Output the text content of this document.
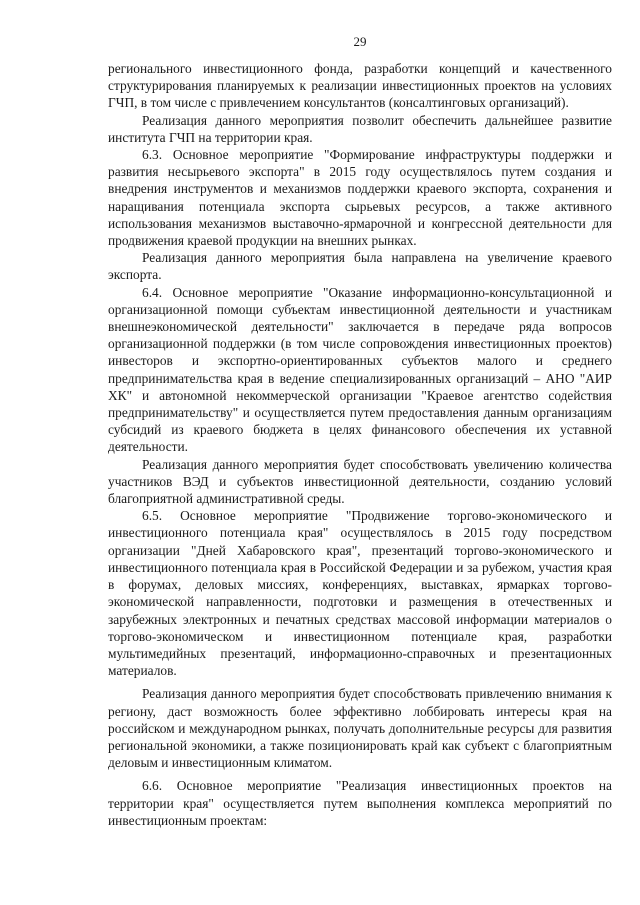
29

регионального инвестиционного фонда, разработки концепций и качественного структурирования планируемых к реализации инвестиционных проектов на условиях ГЧП, в том числе с привлечением консультантов (консалтинговых организаций).

Реализация данного мероприятия позволит обеспечить дальнейшее развитие института ГЧП на территории края.

6.3. Основное мероприятие "Формирование инфраструктуры поддержки и развития несырьевого экспорта" в 2015 году осуществлялось путем создания и внедрения инструментов и механизмов поддержки краевого экспорта, сохранения и наращивания потенциала экспорта сырьевых ресурсов, а также активного использования механизмов выставочно-ярмарочной и конгрессной деятельности для продвижения краевой продукции на внешних рынках.

Реализация данного мероприятия была направлена на увеличение краевого экспорта.

6.4. Основное мероприятие "Оказание информационно-консультационной и организационной помощи субъектам инвестиционной деятельности и участникам внешнеэкономической деятельности" заключается в передаче ряда вопросов организационной поддержки (в том числе сопровождения инвестиционных проектов) инвесторов и экспортно-ориентированных субъектов малого и среднего предпринимательства края в ведение специализированных организаций – АНО "АИР ХК" и автономной некоммерческой организации "Краевое агентство содействия предпринимательству" и осуществляется путем предоставления данным организациям субсидий из краевого бюджета в целях финансового обеспечения их уставной деятельности.

Реализация данного мероприятия будет способствовать увеличению количества участников ВЭД и субъектов инвестиционной деятельности, созданию условий благоприятной административной среды.

6.5. Основное мероприятие "Продвижение торгово-экономического и инвестиционного потенциала края" осуществлялось в 2015 году посредством организации "Дней Хабаровского края", презентаций торгово-экономического и инвестиционного потенциала края в Российской Федерации и за рубежом, участия края в форумах, деловых миссиях, конференциях, выставках, ярмарках торгово-экономической направленности, подготовки и размещения в отечественных и зарубежных электронных и печатных средствах массовой информации материалов о торгово-экономическом и инвестиционном потенциале края, разработки мультимедийных презентаций, информационно-справочных и презентационных материалов.

Реализация данного мероприятия будет способствовать привлечению внимания к региону, даст возможность более эффективно лоббировать интересы края на российском и международном рынках, получать дополнительные ресурсы для развития региональной экономики, а также позиционировать край как субъект с благоприятным деловым и инвестиционным климатом.

6.6. Основное мероприятие "Реализация инвестиционных проектов на территории края" осуществляется путем выполнения комплекса мероприятий по инвестиционным проектам:
